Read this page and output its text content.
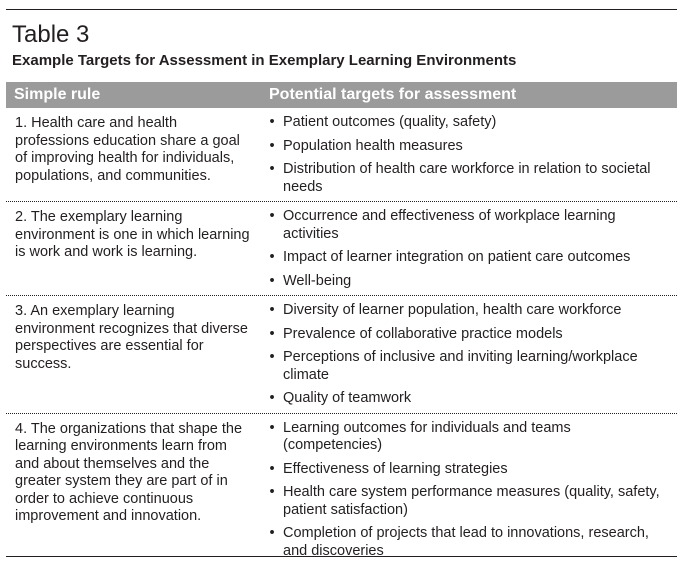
Table 3
Example Targets for Assessment in Exemplary Learning Environments
Simple rule	Potential targets for assessment
1. Health care and health professions education share a goal of improving health for individuals, populations, and communities.
• Patient outcomes (quality, safety)
• Population health measures
• Distribution of health care workforce in relation to societal needs
2. The exemplary learning environment is one in which learning is work and work is learning.
• Occurrence and effectiveness of workplace learning activities
• Impact of learner integration on patient care outcomes
• Well-being
3. An exemplary learning environment recognizes that diverse perspectives are essential for success.
• Diversity of learner population, health care workforce
• Prevalence of collaborative practice models
• Perceptions of inclusive and inviting learning/workplace climate
• Quality of teamwork
4. The organizations that shape the learning environments learn from and about themselves and the greater system they are part of in order to achieve continuous improvement and innovation.
• Learning outcomes for individuals and teams (competencies)
• Effectiveness of learning strategies
• Health care system performance measures (quality, safety, patient satisfaction)
• Completion of projects that lead to innovations, research, and discoveries
